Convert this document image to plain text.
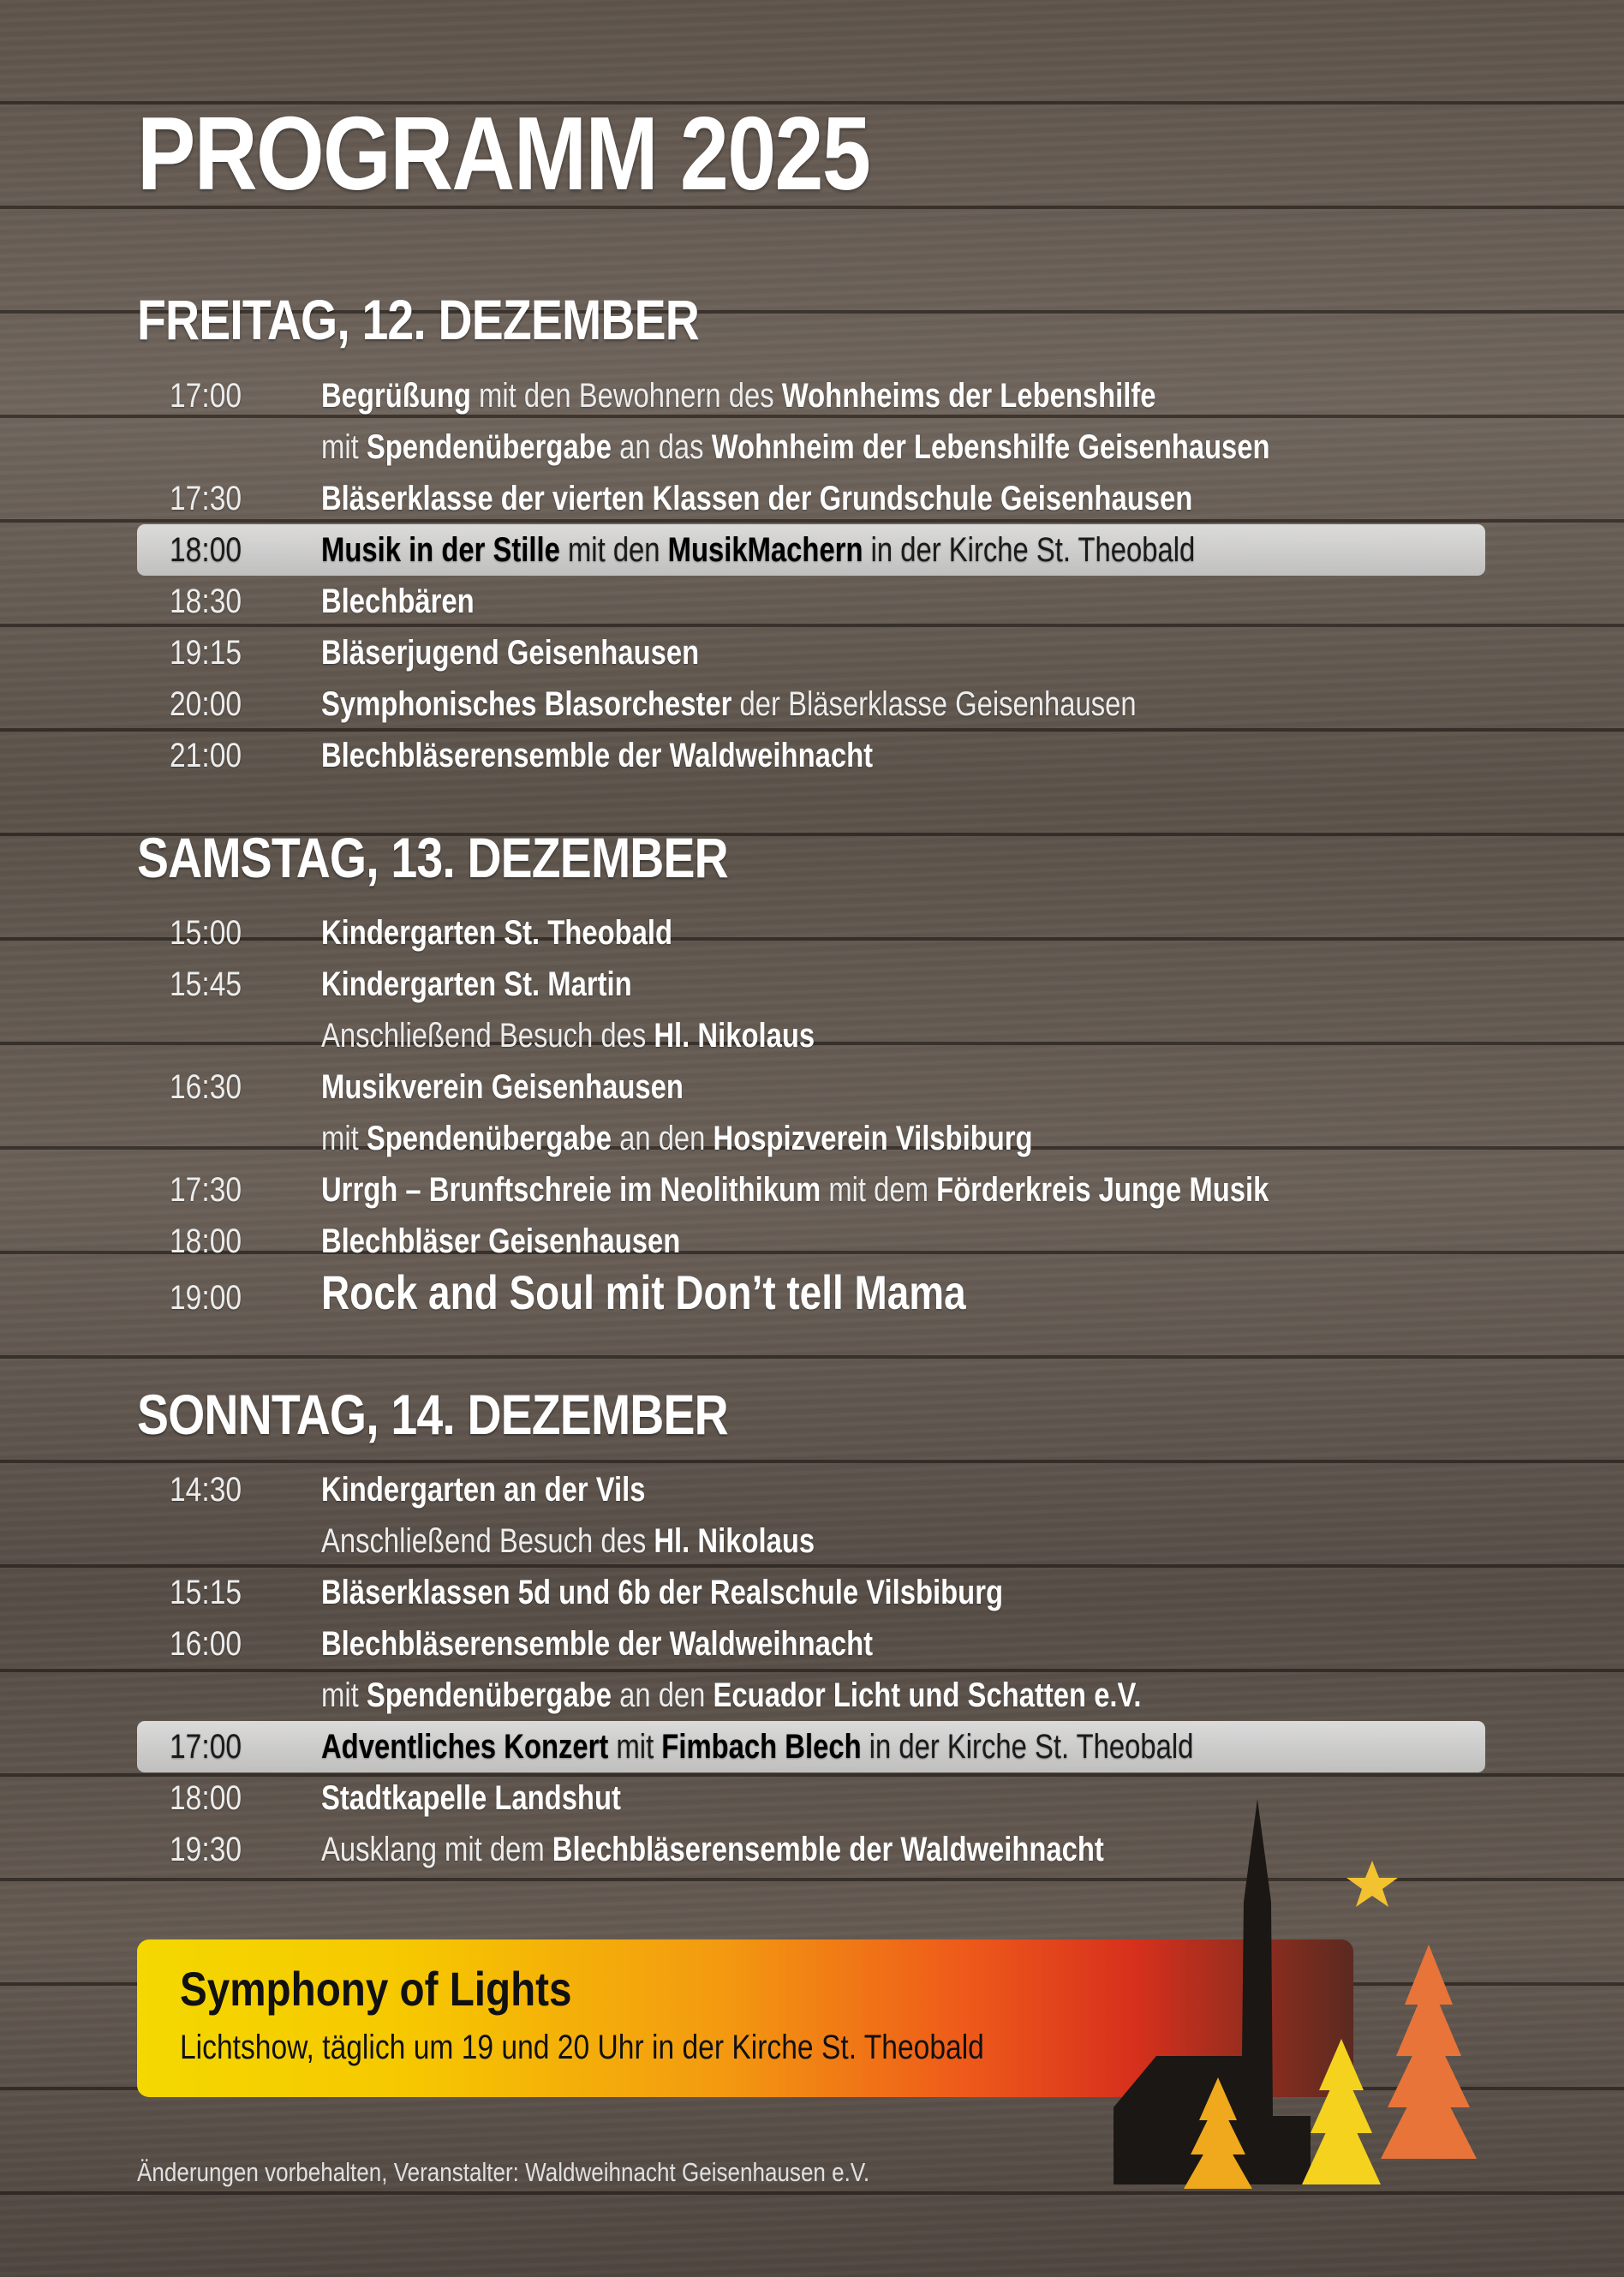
PROGRAMM 2025
FREITAG, 12. DEZEMBER
SAMSTAG, 13. DEZEMBER
SONNTAG, 14. DEZEMBER

Symphony of Lights

Lichtshow, täglich um 19 und 20 Uhr in der Kirche St. Theobald

Änderungen vorbehalten, Veranstalter: Waldweihnacht Geisenhausen e.V.

17:00 Begrüßung mit den Bewohnern des Wohnheims der Lebenshilfe
mit Spendenübergabe an das Wohnheim der Lebenshilfe Geisenhausen
17:30 Bläserklasse der vierten Klassen der Grundschule Geisenhausen
18:00 Musik in der Stille mit den MusikMachern in der Kirche St. Theobald
18:30 Blechbären
19:15 Bläserjugend Geisenhausen
20:00 Symphonisches Blasorchester der Bläserklasse Geisenhausen
21:00 Blechbläserensemble der Waldweihnacht
15:00 Kindergarten St. Theobald
15:45 Kindergarten St. Martin
Anschließend Besuch des Hl. Nikolaus
16:30 Musikverein Geisenhausen
mit Spendenübergabe an den Hospizverein Vilsbiburg
17:30 Urrgh – Brunftschreie im Neolithikum mit dem Förderkreis Junge Musik
18:00 Blechbläser Geisenhausen
19:00 Rock and Soul mit Don’t tell Mama
14:30 Kindergarten an der Vils
Anschließend Besuch des Hl. Nikolaus
15:15 Bläserklassen 5d und 6b der Realschule Vilsbiburg
16:00 Blechbläserensemble der Waldweihnacht
mit Spendenübergabe an den Ecuador Licht und Schatten e.V.
17:00 Adventliches Konzert mit Fimbach Blech in der Kirche St. Theobald
18:00 Stadtkapelle Landshut
19:30 Ausklang mit dem Blechbläserensemble der Waldweihnacht
